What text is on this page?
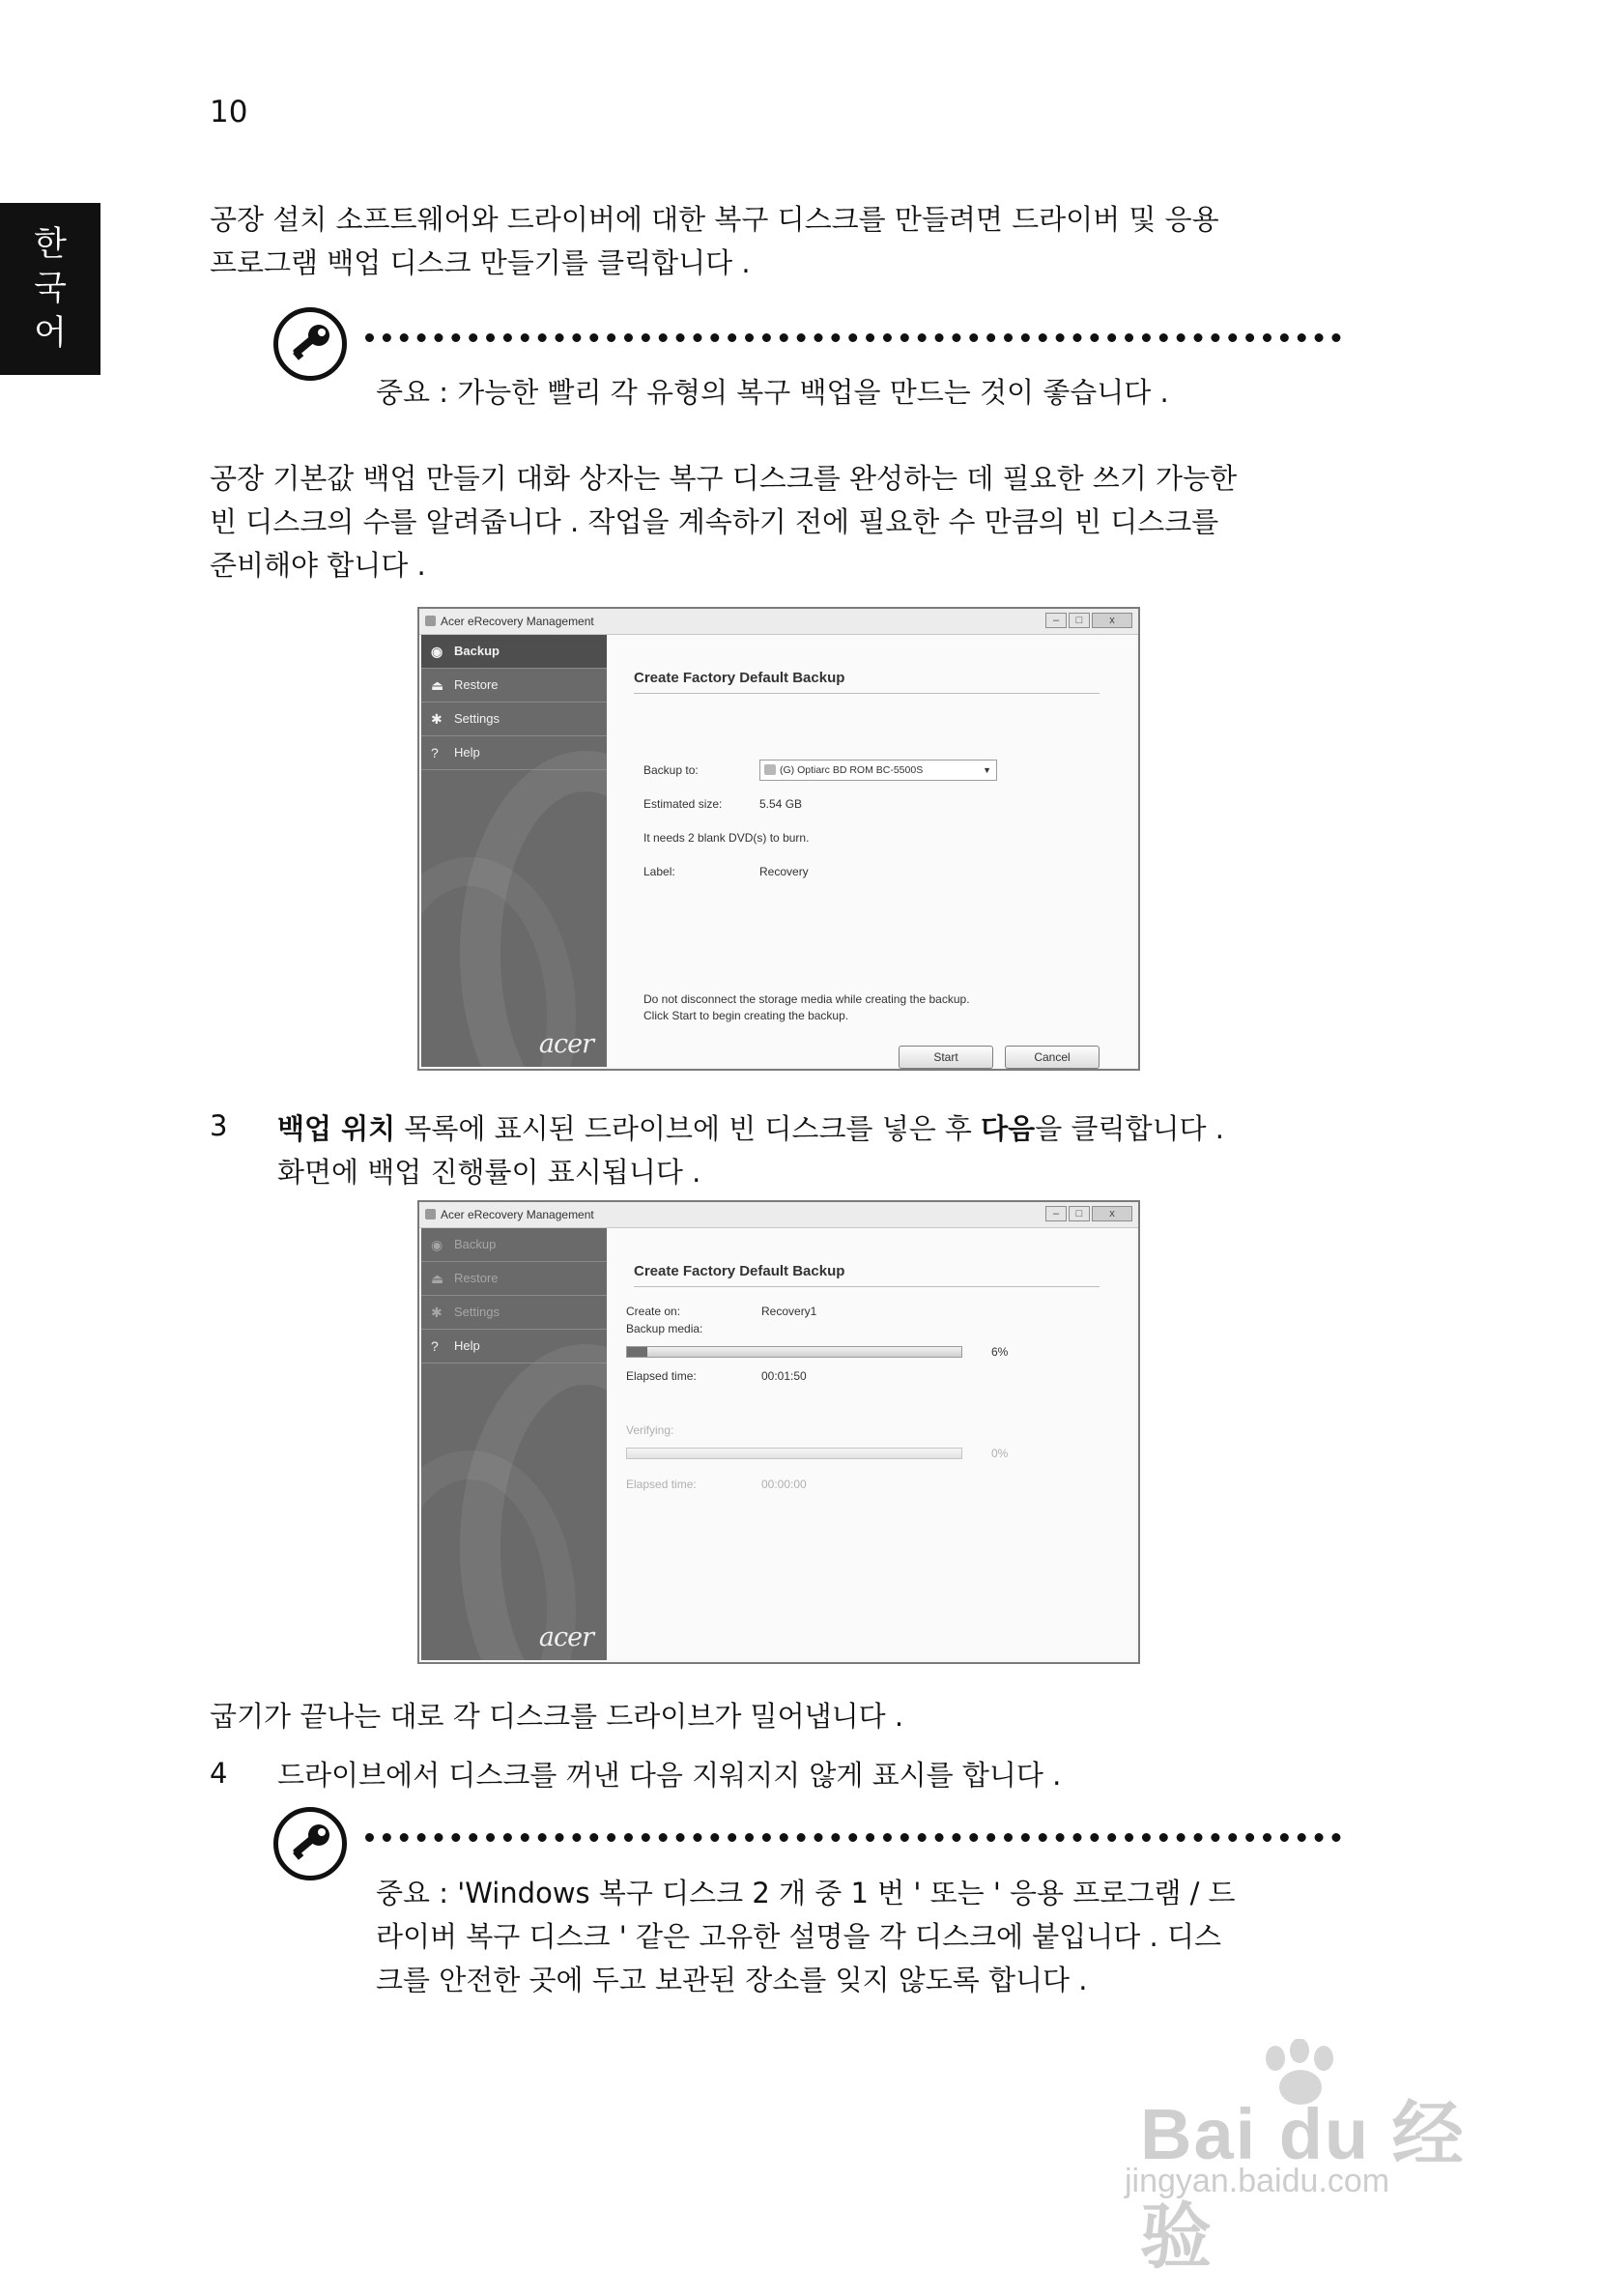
10
한
국
어

공장 설치 소프트웨어와 드라이버에 대한 복구 디스크를 만들려면 드라이버 및 응용

프로그램 백업 디스크 만들기를 클릭합니다 .

중요 : 가능한 빨리 각 유형의 복구 백업을 만드는 것이 좋습니다 .

공장 기본값 백업 만들기 대화 상자는 복구 디스크를 완성하는 데 필요한 쓰기 가능한

빈 디스크의 수를 알려줍니다 . 작업을 계속하기 전에 필요한 수 만큼의 빈 디스크를

준비해야 합니다 .

Acer eRecovery Management	–	□	x
◉ Backup
⏏ Restore
✱ Settings
? Help
acer
Create Factory Default Backup
Backup to:	(G) Optiarc BD ROM BC-5500S	▼
Estimated size:	5.54 GB
It needs 2 blank DVD(s) to burn.
Label:	Recovery
Do not disconnect the storage media while creating the backup.
Click Start to begin creating the backup.
Start	Cancel
3 백업 위치 목록에 표시된 드라이브에 빈 디스크를 넣은 후 다음을 클릭합니다 .

화면에 백업 진행률이 표시됩니다 .

Acer eRecovery Management	–	□	x
◉ Backup
⏏ Restore
✱ Settings
? Help
acer
Create Factory Default Backup
Create on:	Recovery1
Backup media:
6%
Elapsed time:	00:01:50
Verifying:
0%
Elapsed time:	00:00:00
굽기가 끝나는 대로 각 디스크를 드라이브가 밀어냅니다 .
4 드라이브에서 디스크를 꺼낸 다음 지워지지 않게 표시를 합니다 .
중요 : 'Windows 복구 디스크 2 개 중 1 번 ' 또는 ' 응용 프로그램 / 드
라이버 복구 디스크 ' 같은 고유한 설명을 각 디스크에 붙입니다 . 디스
크를 안전한 곳에 두고 보관된 장소를 잊지 않도록 합니다 .
Bai du 经验
jingyan.baidu.com
